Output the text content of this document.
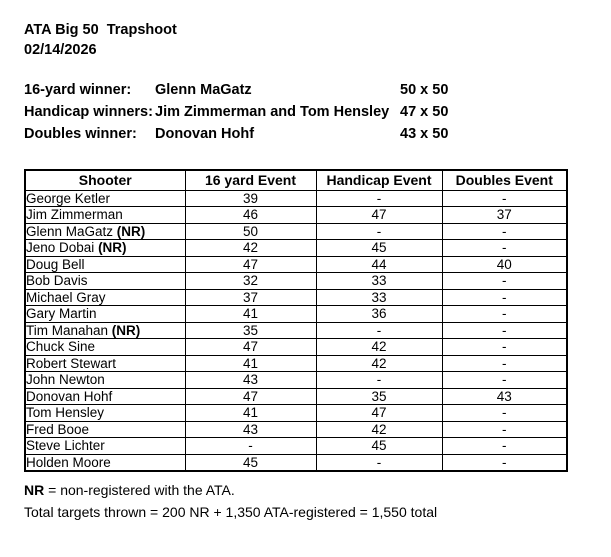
ATA Big 50  Trapshoot
02/14/2026
16-yard winner:	Glenn MaGatz	50 x 50
Handicap winners: Jim Zimmerman and Tom Hensley 47 x 50
Doubles winner:	Donovan Hohf	43 x 50
Shooter	16 yard Event	Handicap Event	Doubles Event
George Ketler	39	-	-
Jim Zimmerman	46	47	37
Glenn MaGatz (NR)	50	-	-
Jeno Dobai (NR)	42	45	-
Doug Bell	47	44	40
Bob Davis	32	33	-
Michael Gray	37	33	-
Gary Martin	41	36	-
Tim Manahan (NR)	35	-	-
Chuck Sine	47	42	-
Robert Stewart	41	42	-
John Newton	43	-	-
Donovan Hohf	47	35	43
Tom Hensley	41	47	-
Fred Booe	43	42	-
Steve Lichter	-	45	-
Holden Moore	45	-	-
NR = non-registered with the ATA.
Total targets thrown = 200 NR + 1,350 ATA-registered = 1,550 total
